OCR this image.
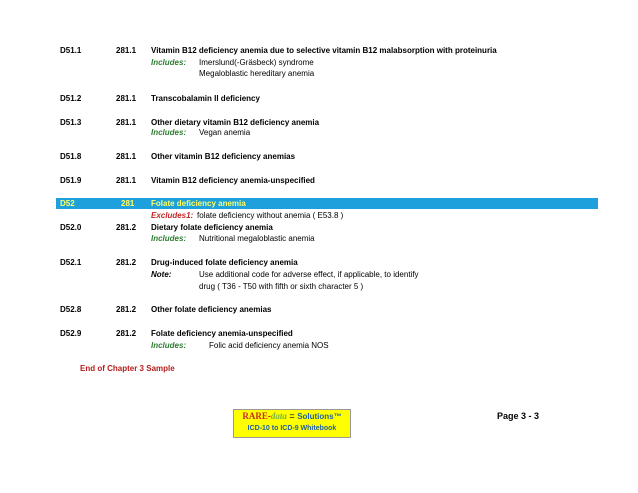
D51.1	281.1 Vitamin B12 deficiency anemia due to selective vitamin B12 malabsorption with proteinuria
Includes: Imerslund(-Gräsbeck) syndrome
Megaloblastic hereditary anemia
D51.2	281.1 Transcobalamin II deficiency
D51.3	281.1 Other dietary vitamin B12 deficiency anemia
Includes: Vegan anemia
D51.8	281.1 Other vitamin B12 deficiency anemias
D51.9	281.1 Vitamin B12 deficiency anemia-unspecified
D52	281 Folate deficiency anemia
Excludes1: folate deficiency without anemia ( E53.8 )
D52.0	281.2 Dietary folate deficiency anemia
Includes: Nutritional megaloblastic anemia
D52.1	281.2 Drug-induced folate deficiency anemia
Note:	Use additional code for adverse effect, if applicable, to identify
drug ( T36 - T50 with fifth or sixth character 5 )
D52.8	281.2 Other folate deficiency anemias
D52.9	281.2 Folate deficiency anemia-unspecified
Includes:	Folic acid deficiency anemia NOS
End of Chapter 3 Sample
RARE-data = Solutions™
ICD-10 to ICD-9 Whitebook
Page 3 - 3
